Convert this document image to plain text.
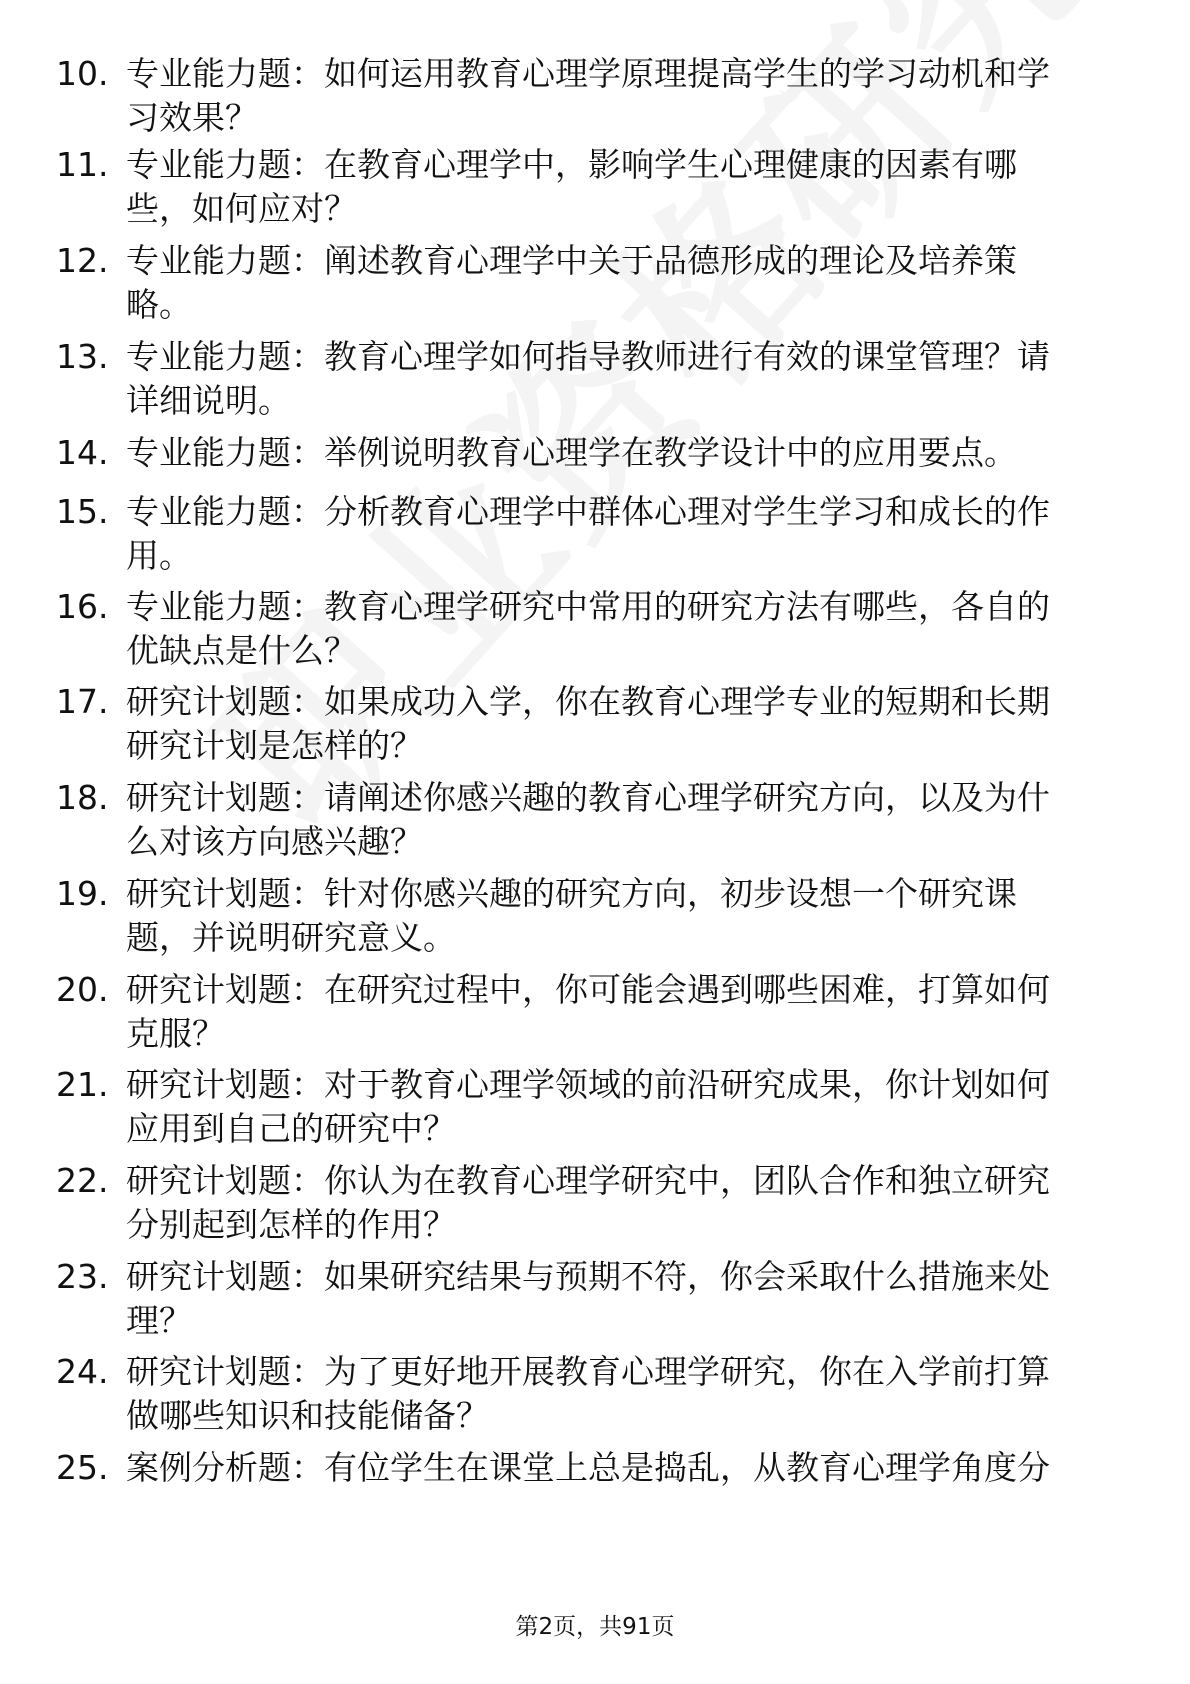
10. 专业能力题：如何运用教育心理学原理提高学生的学习动机和学
习效果？
11. 专业能力题：在教育心理学中，影响学生心理健康的因素有哪
些，如何应对？
12. 专业能力题：阐述教育心理学中关于品德形成的理论及培养策
略。
13. 专业能力题：教育心理学如何指导教师进行有效的课堂管理？请
详细说明。
14. 专业能力题：举例说明教育心理学在教学设计中的应用要点。
15. 专业能力题：分析教育心理学中群体心理对学生学习和成长的作
用。
16. 专业能力题：教育心理学研究中常用的研究方法有哪些，各自的
优缺点是什么？
17. 研究计划题：如果成功入学，你在教育心理学专业的短期和长期
研究计划是怎样的？
18. 研究计划题：请阐述你感兴趣的教育心理学研究方向，以及为什
么对该方向感兴趣？
19. 研究计划题：针对你感兴趣的研究方向，初步设想一个研究课
题，并说明研究意义。
20. 研究计划题：在研究过程中，你可能会遇到哪些困难，打算如何
克服？
21. 研究计划题：对于教育心理学领域的前沿研究成果，你计划如何
应用到自己的研究中？
22. 研究计划题：你认为在教育心理学研究中，团队合作和独立研究
分别起到怎样的作用？
23. 研究计划题：如果研究结果与预期不符，你会采取什么措施来处
理？
24. 研究计划题：为了更好地开展教育心理学研究，你在入学前打算
做哪些知识和技能储备？
25. 案例分析题：有位学生在课堂上总是捣乱，从教育心理学角度分
第2页，共91页
